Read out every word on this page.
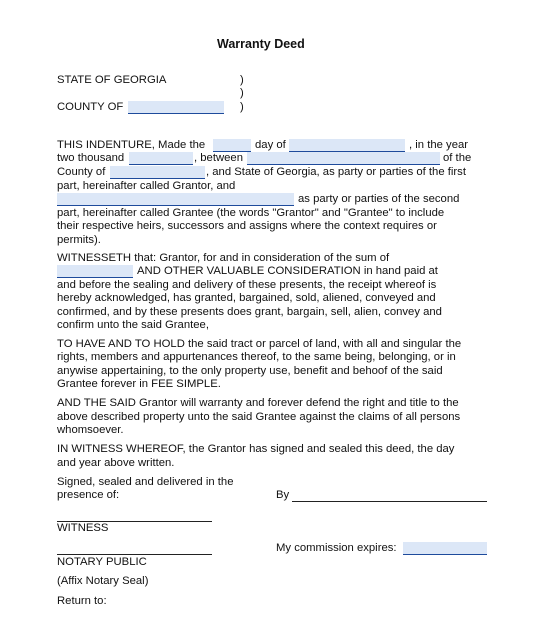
Warranty Deed
STATE OF GEORGIA	)
)
COUNTY OF	)
THIS INDENTURE, Made the	day of	, in the year
two thousand	, between	of the
County of	, and State of Georgia, as party or parties of the first
part, hereinafter called Grantor, and
as party or parties of the second
part, hereinafter called Grantee (the words "Grantor" and "Grantee" to include
their respective heirs, successors and assigns where the context requires or
permits).
WITNESSETH that: Grantor, for and in consideration of the sum of
AND OTHER VALUABLE CONSIDERATION in hand paid at
and before the sealing and delivery of these presents, the receipt whereof is
hereby acknowledged, has granted, bargained, sold, aliened, conveyed and
confirmed, and by these presents does grant, bargain, sell, alien, convey and
confirm unto the said Grantee,
TO HAVE AND TO HOLD the said tract or parcel of land, with all and singular the
rights, members and appurtenances thereof, to the same being, belonging, or in
anywise appertaining, to the only property use, benefit and behoof of the said
Grantee forever in FEE SIMPLE.
AND THE SAID Grantor will warranty and forever defend the right and title to the
above described property unto the said Grantee against the claims of all persons
whomsoever.
IN WITNESS WHEREOF, the Grantor has signed and sealed this deed, the day
and year above written.
Signed, sealed and delivered in the
presence of:	By
WITNESS
My commission expires:
NOTARY PUBLIC
(Affix Notary Seal)
Return to:
